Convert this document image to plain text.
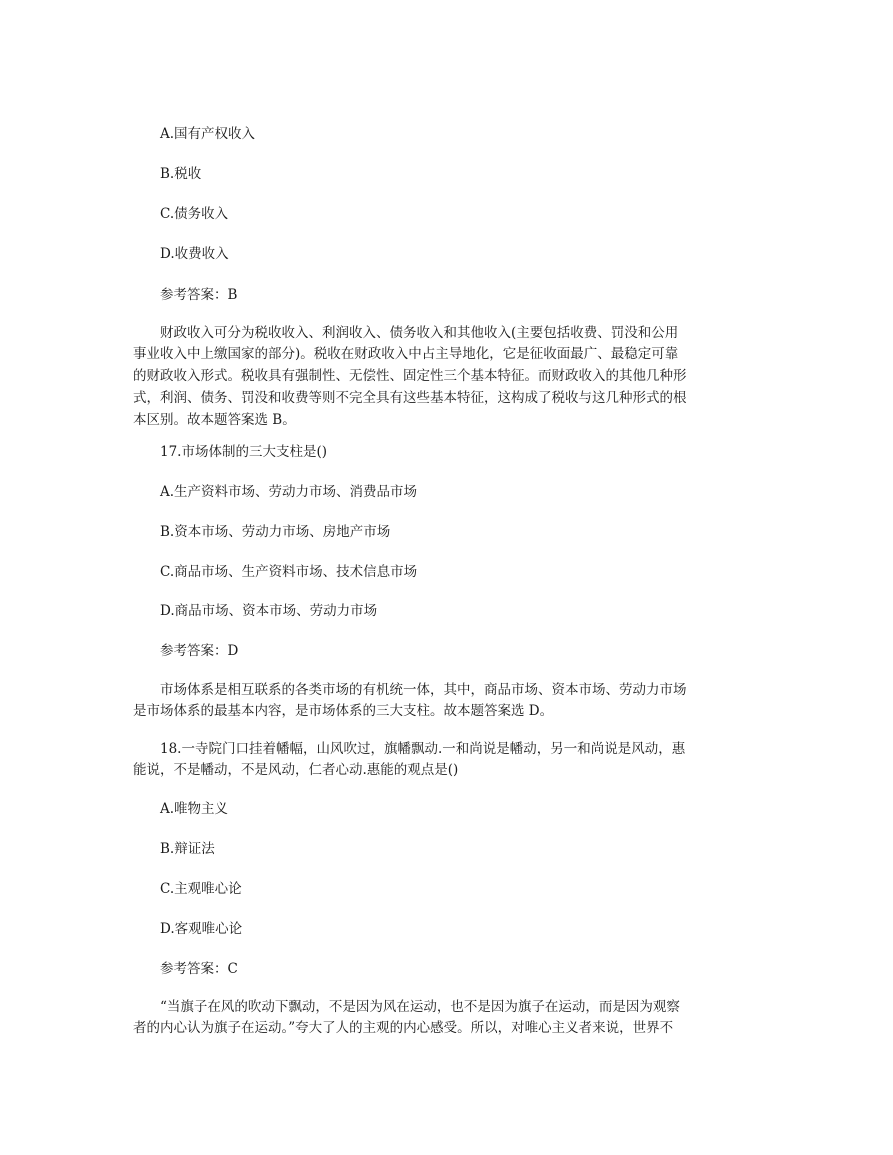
A.国有产权收入
B.税收
C.债务收入
D.收费收入
参考答案：B
财政收入可分为税收收入、利润收入、债务收入和其他收入(主要包括收费、罚没和公用
事业收入中上缴国家的部分)。税收在财政收入中占主导地化，它是征收面最广、最稳定可靠
的财政收入形式。税收具有强制性、无偿性、固定性三个基本特征。而财政收入的其他几种形
式，利润、债务、罚没和收费等则不完全具有这些基本特征，这构成了税收与这几种形式的根
本区别。故本题答案选 B。
17.市场体制的三大支柱是()
A.生产资料市场、劳动力市场、消费品市场
B.资本市场、劳动力市场、房地产市场
C.商品市场、生产资料市场、技术信息市场
D.商品市场、资本市场、劳动力市场
参考答案：D
市场体系是相互联系的各类市场的有机统一体，其中，商品市场、资本市场、劳动力市场
是市场体系的最基本内容，是市场体系的三大支柱。故本题答案选 D。
18.一寺院门口挂着幡幅，山风吹过，旗幡飘动.一和尚说是幡动，另一和尚说是风动，惠
能说，不是幡动，不是风动，仁者心动.惠能的观点是()
A.唯物主义
B.辩证法
C.主观唯心论
D.客观唯心论
参考答案：C
“当旗子在风的吹动下飘动，不是因为风在运动，也不是因为旗子在运动，而是因为观察
者的内心认为旗子在运动。”夸大了人的主观的内心感受。所以，对唯心主义者来说，世界不
